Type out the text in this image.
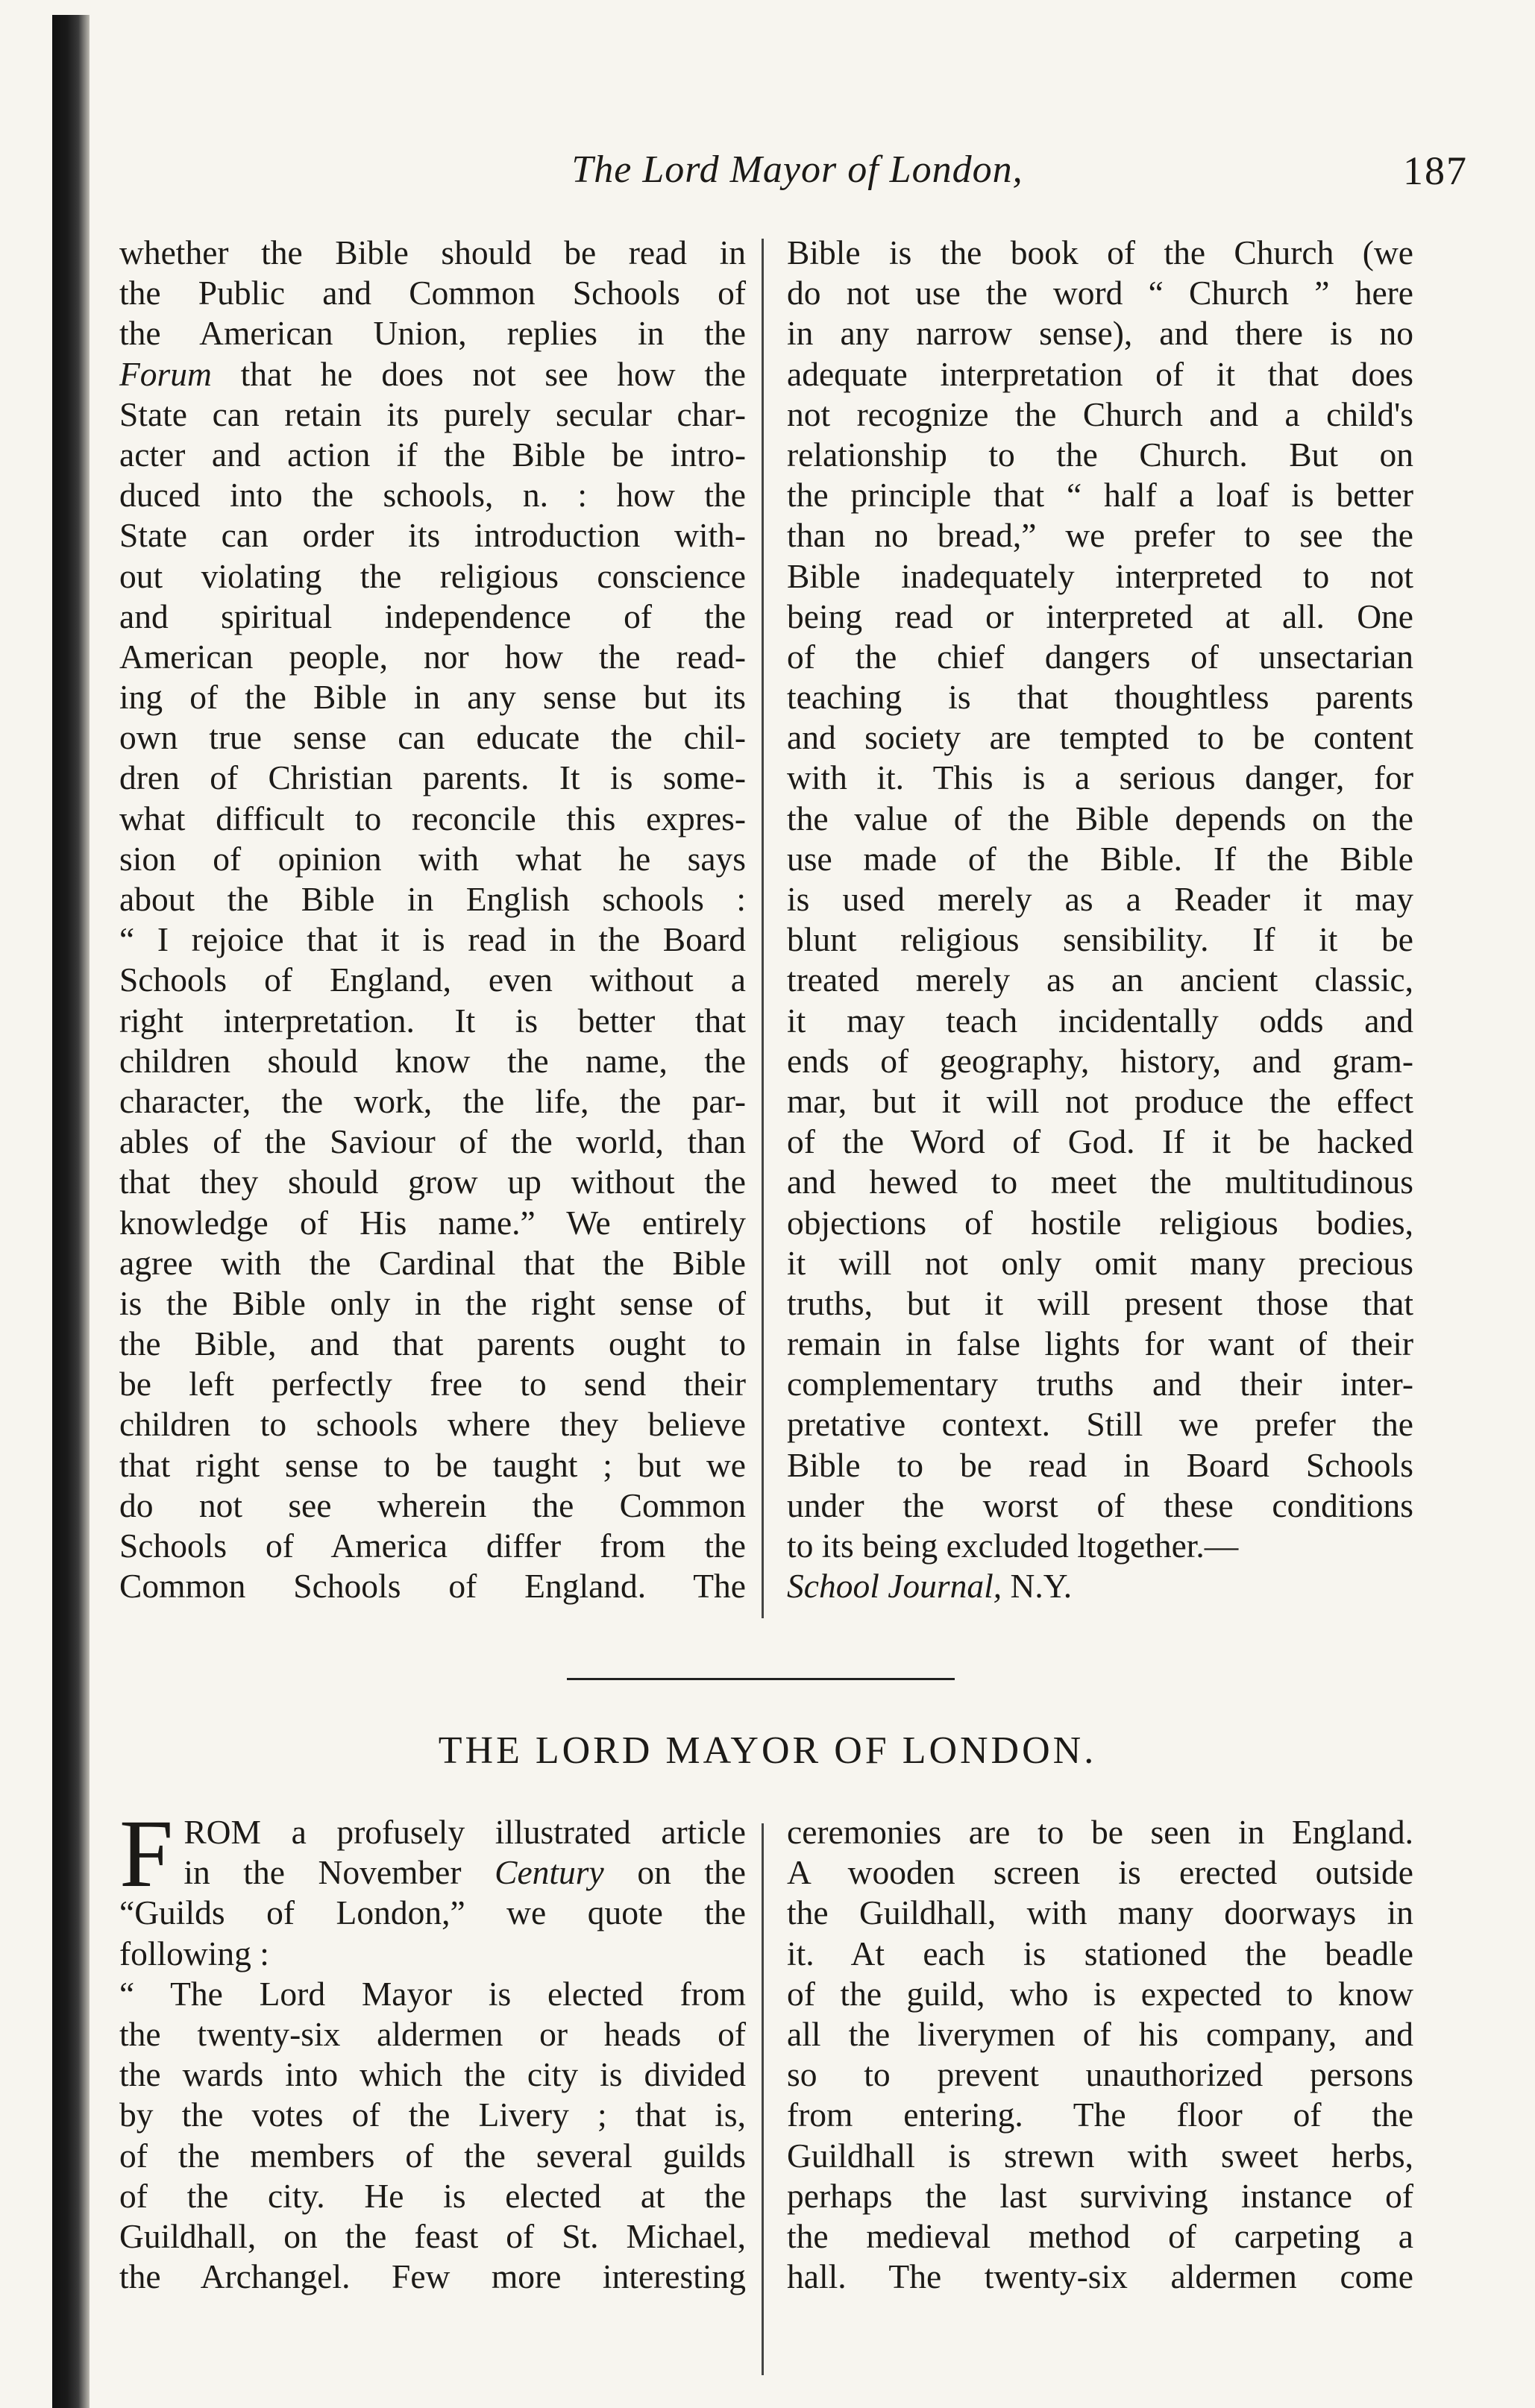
The Lord Mayor of London,	187
whether the Bible should be read in
the Public and Common Schools of
the American Union, replies in the
Forum that he does not see how the
State can retain its purely secular char-
acter and action if the Bible be intro-
duced into the schools, n. : how the
State can order its introduction with-
out violating the religious conscience
and spiritual independence of the
American people, nor how the read-
ing of the Bible in any sense but its
own true sense can educate the chil-
dren of Christian parents. It is some-
what difficult to reconcile this expres-
sion of opinion with what he says
about the Bible in English schools :
“ I rejoice that it is read in the Board
Schools of England, even without a
right interpretation. It is better that
children should know the name, the
character, the work, the life, the par-
ables of the Saviour of the world, than
that they should grow up without the
knowledge of His name.” We entirely
agree with the Cardinal that the Bible
is the Bible only in the right sense of
the Bible, and that parents ought to
be left perfectly free to send their
children to schools where they believe
that right sense to be taught ; but we
do not see wherein the Common
Schools of America differ from the
Common Schools of England. The
Bible is the book of the Church (we
do not use the word “ Church ” here
in any narrow sense), and there is no
adequate interpretation of it that does
not recognize the Church and a child's
relationship to the Church. But on
the principle that “ half a loaf is better
than no bread,” we prefer to see the
Bible inadequately interpreted to not
being read or interpreted at all. One
of the chief dangers of unsectarian
teaching is that thoughtless parents
and society are tempted to be content
with it. This is a serious danger, for
the value of the Bible depends on the
use made of the Bible. If the Bible
is used merely as a Reader it may
blunt religious sensibility. If it be
treated merely as an ancient classic,
it may teach incidentally odds and
ends of geography, history, and gram-
mar, but it will not produce the effect
of the Word of God. If it be hacked
and hewed to meet the multitudinous
objections of hostile religious bodies,
it will not only omit many precious
truths, but it will present those that
remain in false lights for want of their
complementary truths and their inter-
pretative context. Still we prefer the
Bible to be read in Board Schools
under the worst of these conditions
to its being excluded ltogether.—
School Journal, N.Y.
THE LORD MAYOR OF LONDON.
F ROM a profusely illustrated article
in the November Century on the
“Guilds of London,” we quote the
following :
“ The Lord Mayor is elected from
the twenty-six aldermen or heads of
the wards into which the city is divided
by the votes of the Livery ; that is,
of the members of the several guilds
of the city. He is elected at the
Guildhall, on the feast of St. Michael,
the Archangel. Few more interesting
ceremonies are to be seen in England.
A wooden screen is erected outside
the Guildhall, with many doorways in
it. At each is stationed the beadle
of the guild, who is expected to know
all the liverymen of his company, and
so to prevent unauthorized persons
from entering. The floor of the
Guildhall is strewn with sweet herbs,
perhaps the last surviving instance of
the medieval method of carpeting a
hall. The twenty-six aldermen come
